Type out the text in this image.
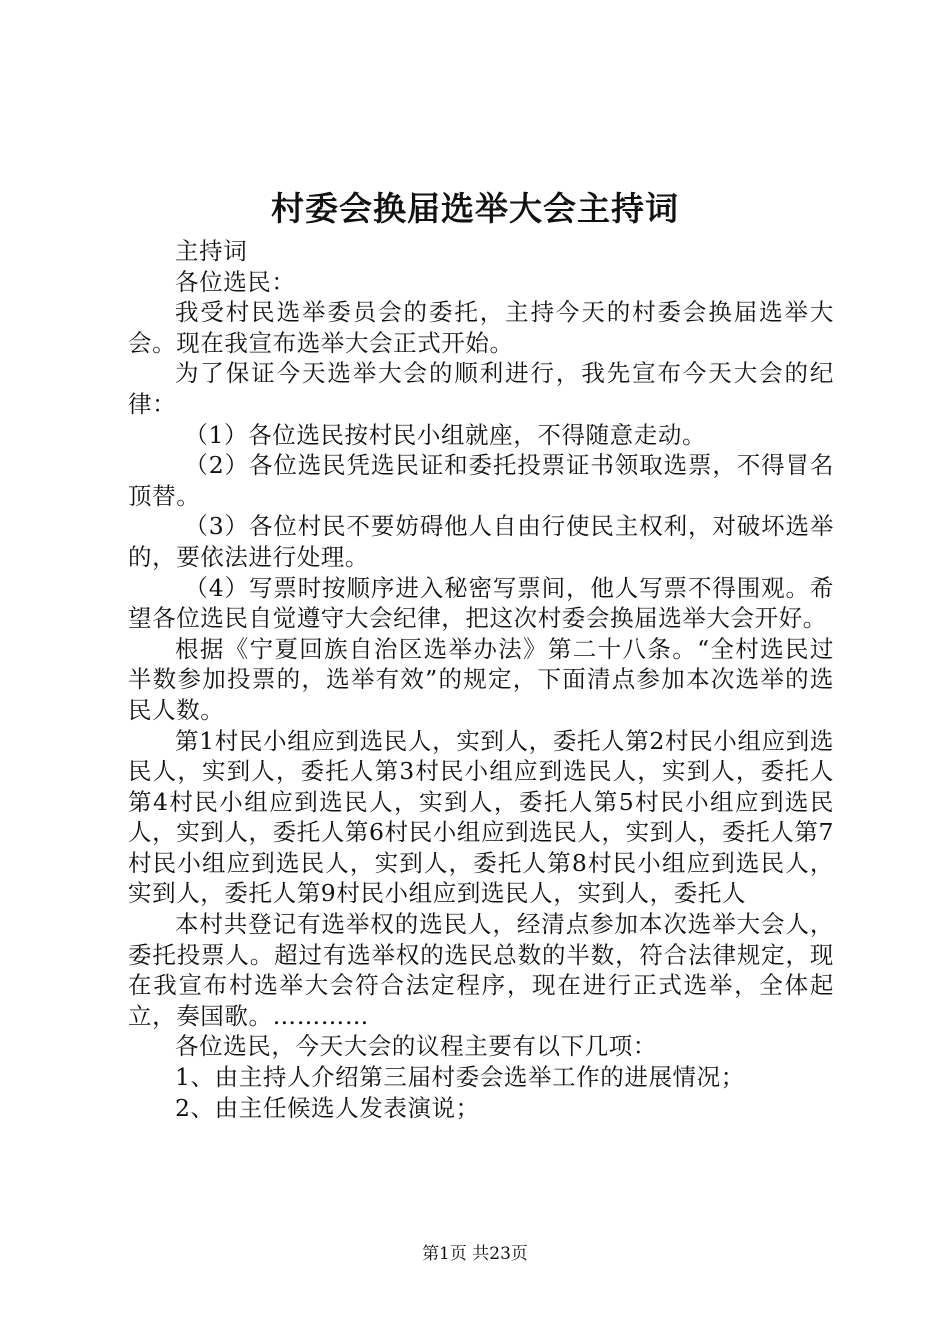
村委会换届选举大会主持词

主持词

各位选民：

我受村民选举委员会的委托，主持今天的村委会换届选举大会。现在我宣布选举大会正式开始。

为了保证今天选举大会的顺利进行，我先宣布今天大会的纪律：

（1）各位选民按村民小组就座，不得随意走动。

（2）各位选民凭选民证和委托投票证书领取选票，不得冒名顶替。

（3）各位村民不要妨碍他人自由行使民主权利，对破坏选举的，要依法进行处理。

（4）写票时按顺序进入秘密写票间，他人写票不得围观。希望各位选民自觉遵守大会纪律，把这次村委会换届选举大会开好。

根据《宁夏回族自治区选举办法》第二十八条。“全村选民过半数参加投票的，选举有效”的规定，下面清点参加本次选举的选民人数。

第1村民小组应到选民人，实到人，委托人第2村民小组应到选民人，实到人，委托人第3村民小组应到选民人，实到人，委托人第4村民小组应到选民人，实到人，委托人第5村民小组应到选民人，实到人，委托人第6村民小组应到选民人，实到人，委托人第7村民小组应到选民人，实到人，委托人第8村民小组应到选民人，实到人，委托人第9村民小组应到选民人，实到人，委托人

本村共登记有选举权的选民人，经清点参加本次选举大会人，委托投票人。超过有选举权的选民总数的半数，符合法律规定，现在我宣布村选举大会符合法定程序，现在进行正式选举，全体起立，奏国歌。…………

各位选民，今天大会的议程主要有以下几项：

1、由主持人介绍第三届村委会选举工作的进展情况；

2、由主任候选人发表演说；

第1页 共23页
